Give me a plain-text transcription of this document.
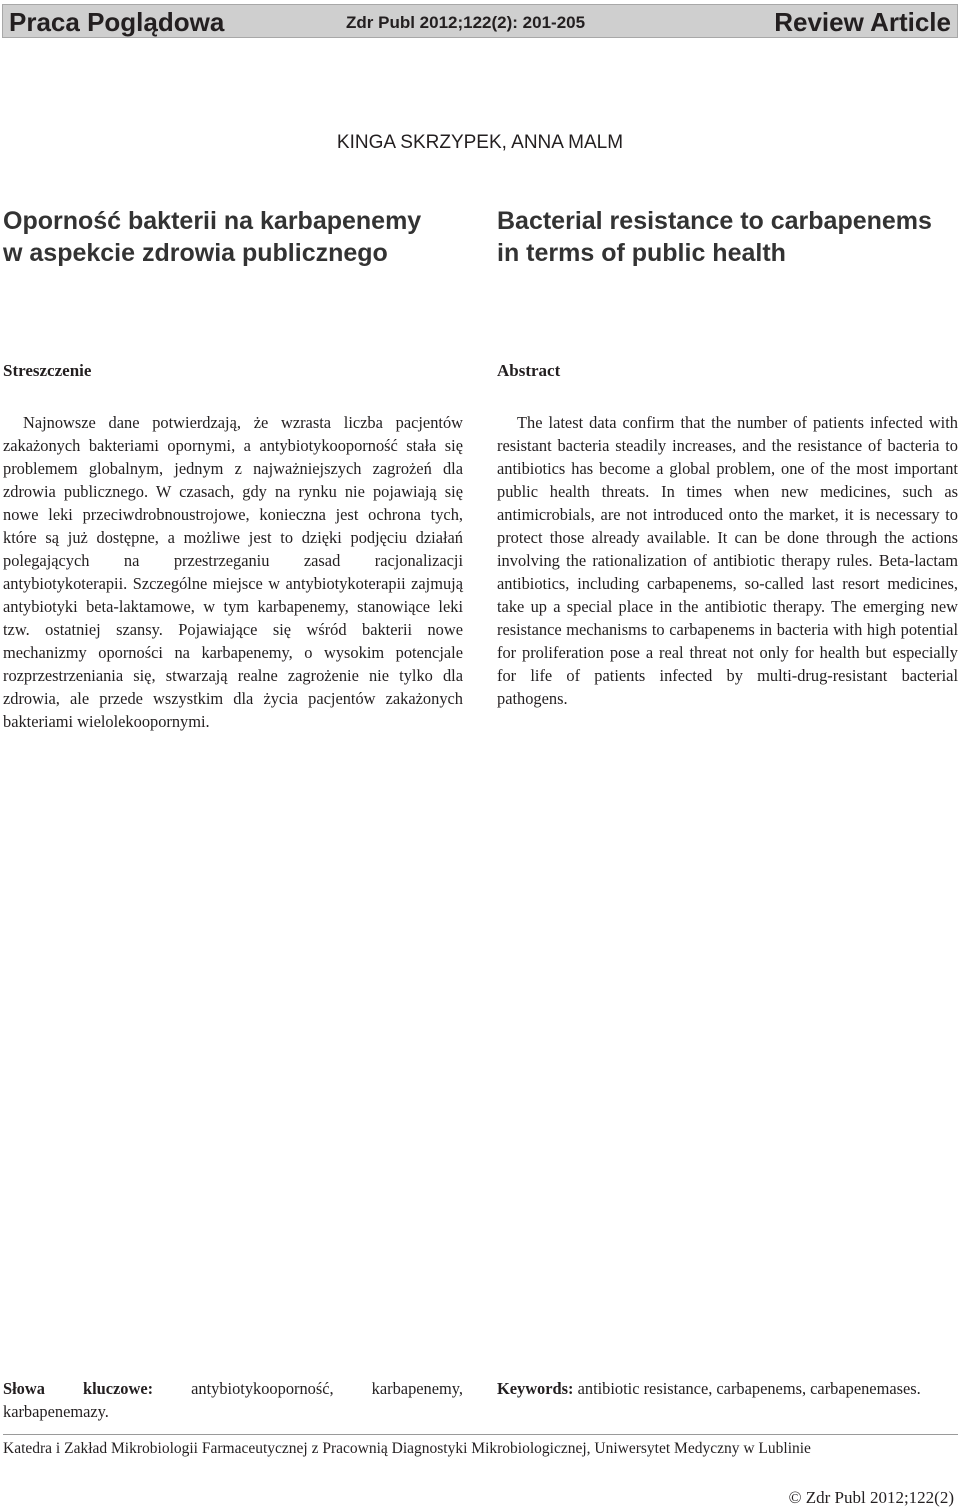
Praca Poglądowa	Zdr Publ 2012;122(2): 201-205	Review Article
KINGA SKRZYPEK, ANNA MALM
Oporność bakterii na karbapenemy
w aspekcie zdrowia publicznego
Bacterial resistance to carbapenems
in terms of public health
Streszczenie	Abstract
Najnowsze dane potwierdzają, że wzrasta liczba pacjentów zakażonych bakteriami opornymi, a antybiotykooporność stała się problemem globalnym, jednym z najważniejszych zagrożeń dla zdrowia publicznego. W czasach, gdy na rynku nie pojawiają się nowe leki przeciwdrobnoustrojowe, konieczna jest ochrona tych, które są już dostępne, a możliwe jest to dzięki podjęciu działań polegających na przestrzeganiu zasad racjonalizacji antybiotykoterapii. Szczególne miejsce w antybiotykoterapii zajmują antybiotyki beta-laktamowe, w tym karbapenemy, stanowiące leki tzw. ostatniej szansy. Pojawiające się wśród bakterii nowe mechanizmy oporności na karbapenemy, o wysokim potencjale rozprzestrzeniania się, stwarzają realne zagrożenie nie tylko dla zdrowia, ale przede wszystkim dla życia pacjentów zakażonych bakteriami wielolekoopornymi.
The latest data confirm that the number of patients infected with resistant bacteria steadily increases, and the resistance of bacteria to antibiotics has become a global problem, one of the most important public health threats. In times when new medicines, such as antimicrobials, are not introduced onto the market, it is necessary to protect those already available. It can be done through the actions involving the rationalization of antibiotic therapy rules. Beta-lactam antibiotics, including carbapenems, so-called last resort medicines, take up a special place in the antibiotic therapy. The emerging new resistance mechanisms to carbapenems in bacteria with high potential for proliferation pose a real threat not only for health but especially for life of patients infected by multi-drug-resistant bacterial pathogens.
Słowa kluczowe: antybiotykooporność, karbapenemy, karbapenemazy.
Keywords: antibiotic resistance, carbapenems, carbapenemases.
Katedra i Zakład Mikrobiologii Farmaceutycznej z Pracownią Diagnostyki Mikrobiologicznej, Uniwersytet Medyczny w Lublinie
© Zdr Publ 2012;122(2)
